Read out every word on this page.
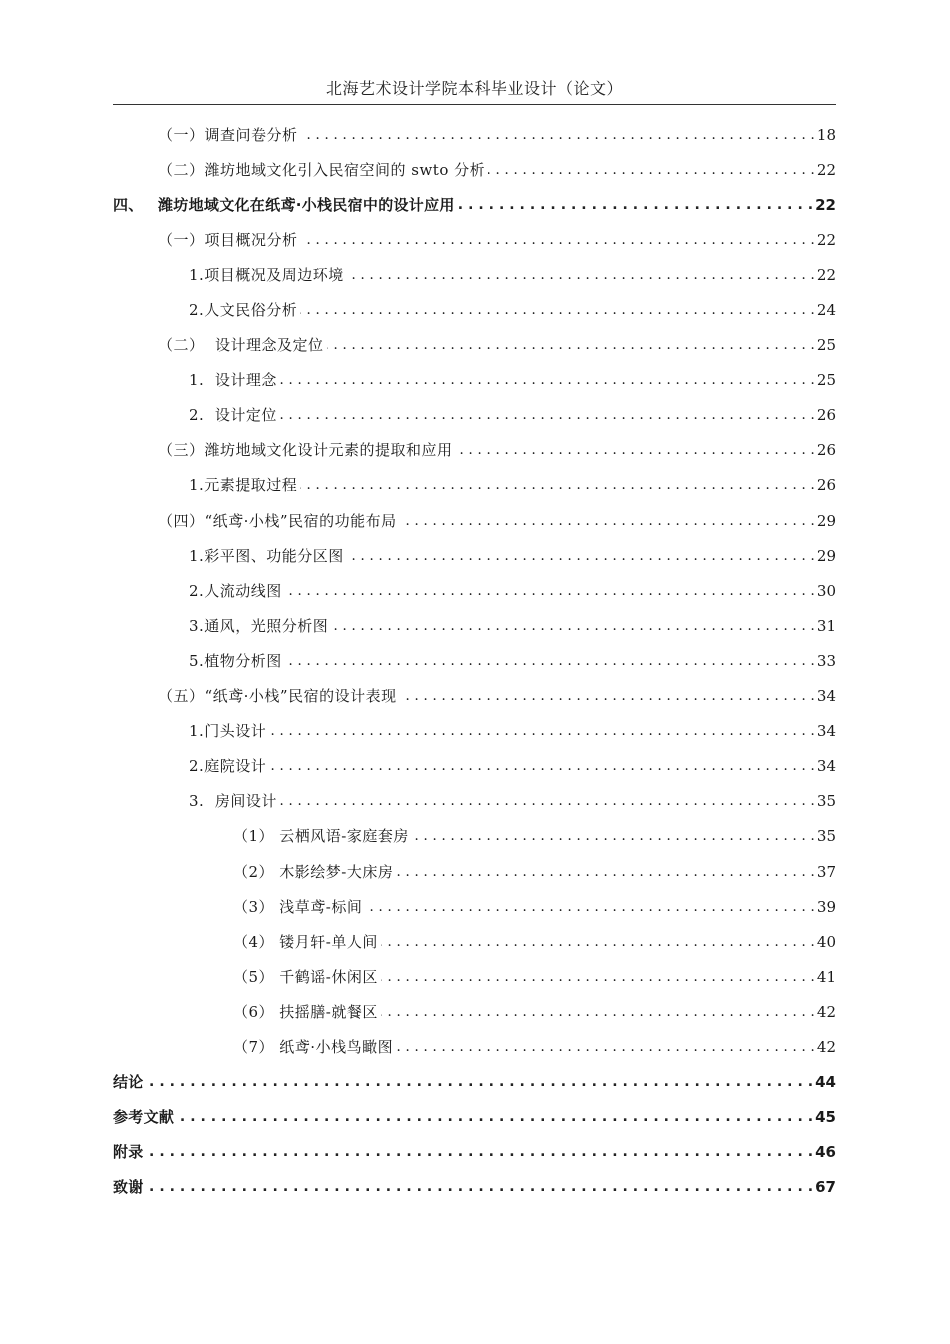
北海艺术设计学院本科毕业设计（论文）
（一）调查问卷分析 . . .	18
（二）潍坊地域文化引入民宿空间的 swto 分析 . . .	22
四、 潍坊地域文化在纸鸢·小栈民宿中的设计应用 . . .	22
（一）项目概况分析 . . .	22
1.项目概况及周边环境 . . .	22
2.人文民俗分析 . . .	24
（二）  设计理念及定位 . . .	25
1.  设计理念 . . .	25
2.  设计定位 . . .	26
（三）潍坊地域文化设计元素的提取和应用 . . .	26
1.元素提取过程 . . .	26
（四）“纸鸢·小栈”民宿的功能布局 . . .	29
1.彩平图、功能分区图 . . .	29
2.人流动线图 . . .	30
3.通风，光照分析图 . . .	31
5.植物分析图 . . .	33
（五）“纸鸢·小栈”民宿的设计表现 . . .	34
1.门头设计 . . .	34
2.庭院设计 . . .	34
3.  房间设计 . . .	35
（1） 云栖风语-家庭套房 . . .	35
（2） 木影绘梦-大床房 . . .	37
（3） 浅草鸢-标间 . . .	39
（4） 镂月轩-单人间 . . .	40
（5） 千鹤谣-休闲区 . . .	41
（6） 扶摇膳-就餐区 . . .	42
（7） 纸鸢·小栈鸟瞰图 . . .	42
结论 . . .	44
参考文献 . . .	45
附录 . . .	46
致谢 . . .	67
